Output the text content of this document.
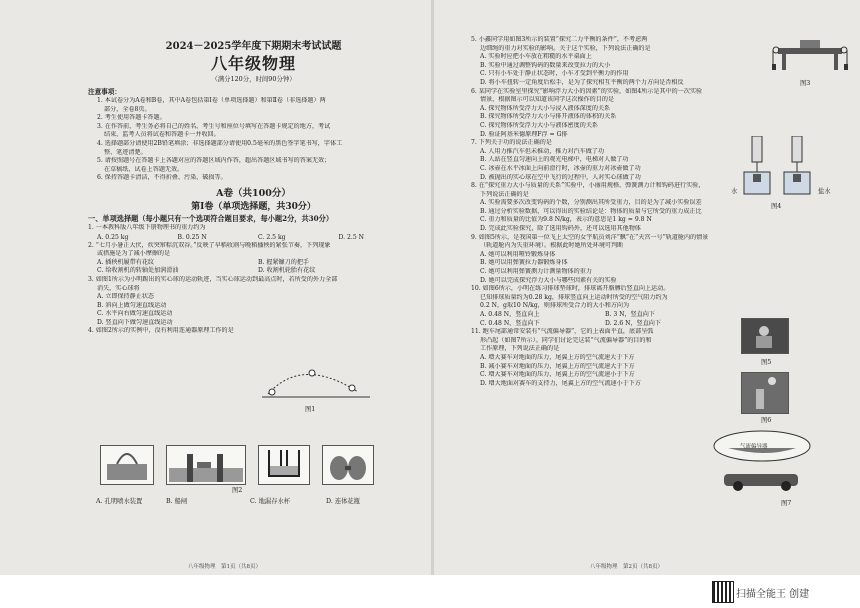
2024－2025学年度下期期末考试试题
八年级物理
（满分120分，时间90分钟）
注意事项：
1. 本试卷分为A卷和B卷，其中A卷包括第Ⅰ卷（单项选择题）和第Ⅱ卷（非选择题）两
部分，全卷8页。
2. 考生使用答题卡答题。
3. 在作答前，考生务必将自己的姓名、考生号和座位号填写在答题卡规定的地方，考试
结束，监考人员将试卷和答题卡一并收回。
4. 选择题部分请使用2B铅笔填涂；非选择题部分请使用0.5毫米的黑色签字笔书写，字体工
整、笔迹清楚。
5. 请按照题号在答题卡上各题对应的答题区域内作答，超出答题区域书写的答案无效；
在草稿纸、试卷上答题无效。
6. 保持答题卡清洁，不得折叠、污染、破损等。
A卷（共100分）
第Ⅰ卷（单项选择题，共30分）
一、单项选择题（每小题只有一个选项符合题目要求，每小题2分，共30分）
1. 一本教科版八年级下册物理书的重力约为
A. 0.25 kg	B. 0.25 N	C. 2.5 kg	D. 2.5 N
2. “七月小暑正大伏，炊突窜粽沉双谷。”反映了早稻收割与晚稻播秧的紧张节奏，下列现象
或措施是为了减小摩擦的是
A. 插秧机履带有花纹	B. 握紧镰刀的把手
C. 给收割机的转轴处加润滑油	D. 收割机轮胎有花纹
3. 如图1所示为小明踢出的实心球的运动轨迹，当实心球运动到最高点时，若所受的外力全部
消失，实心球将
A. 立即保持静止状态
B. 斜向上做匀速直线运动
C. 水平向右做匀速直线运动
D. 竖直向下做匀速直线运动
4. 如图2所示的实例中，没有利用连通器原理工作的是
图1
图2
A. 孔明喷水装置	B. 船闸	C. 地漏存水杯	D. 连体花瓶
八年级物理　第1页（共8页）
5. 小鑫同学用如图3所示的装置“探究二力平衡的条件”，不考虑两
边细绳的重力对实验的影响。关于这个实验，下列说法正确的是
A. 实验时应把小车放在粗糙的水平桌面上
B. 实验中通过调整钩码的数量来改变拉力的大小
C. 只有小车处于静止状态时，小车才受到平衡力的作用
D. 将小车扭转一定角度后松手，是为了探究相互平衡的两个力方向是否相反
6. 某同学在实验室里探究“影响浮力大小的因素”的实验，如图4所示是其中的一次实验
情景，根据图示可以知道该同学这次操作的目的是
A. 探究物体所受浮力大小与浸入液体深度的关系
B. 探究物体所受浮力大小与排开液体的体积的关系
C. 探究物体所受浮力大小与液体密度的关系
D. 验证阿基米德原理F浮 = G排
7. 下列关于功的说法正确的是
A. 人用力推汽车但未推动，推力对汽车做了功
B. 人站在竖直匀速向上的观光电梯中，电梯对人做了功
C. 冰壶在水平冰面上向前滑行时，冰壶的重力对冰壶做了功
D. 被抛出的实心球在空中飞行的过程中，人对实心球做了功
8. 在“探究重力大小与质量的关系”实验中，小丽用规格、弹簧测力计和钩码进行实验，
下列说法正确的是
A. 实验需要多次改变钩码的个数，分别测出其所受重力，目的是为了减小实验误差
B. 通过分析实验数据，可以得出的实验结论是：物体的质量与它所受的重力成正比
C. 重力和质量的比值为9.8 N/kg，表示的意思是1 kg = 9.8 N
D. 完成此实验探究，除了选用钩码外，还可以选用其他物体
9. 如图5所示，是我国第一位飞上太空的女宇航员刘洋“飘”在“天宫一号”轨道舱内的情景
（轨道舱内为失重环境）。根据此时她所处环境可判断
A. 她可以利用哑铃锻炼身体
B. 她可以用弹簧拉力器锻炼身体
C. 她可以利用弹簧测力计测量物体的重力
D. 她可以完成探究浮力大小与哪些因素有关的实验
10. 如图6所示，小明在练习排球垫球时，排球离开胳膊后竖直向上运动。
已知排球质量约为0.28 kg，排球竖直向上运动时所受的空气阻力约为
0.2 N，g取10 N/kg，则排球所受合力的大小和方向为
A. 0.48 N，竖直向上	B. 3 N，竖直向下
C. 0.48 N，竖直向下	D. 2.6 N，竖直向下
11. 跑车尾部通常安装有“气流偏导器”，它的上表面平直，底部呈弧
形凸起（如图7所示）。同学们讨论完这装“气流偏导器”的目的和
工作原理，下列说法正确的是
A. 增大赛车对地面的压力，尾翼上方的空气流速大于下方
B. 减小赛车对地面的压力，尾翼上方的空气流速大于下方
C. 增大赛车对地面的压力，尾翼上方的空气流速小于下方
D. 增大地面对赛车的支持力，尾翼上方的空气流速小于下方
图3
水	盐水
图4
图5
图6
气流偏导器
图7
八年级物理　第2页（共8页）
扫描全能王 创建
